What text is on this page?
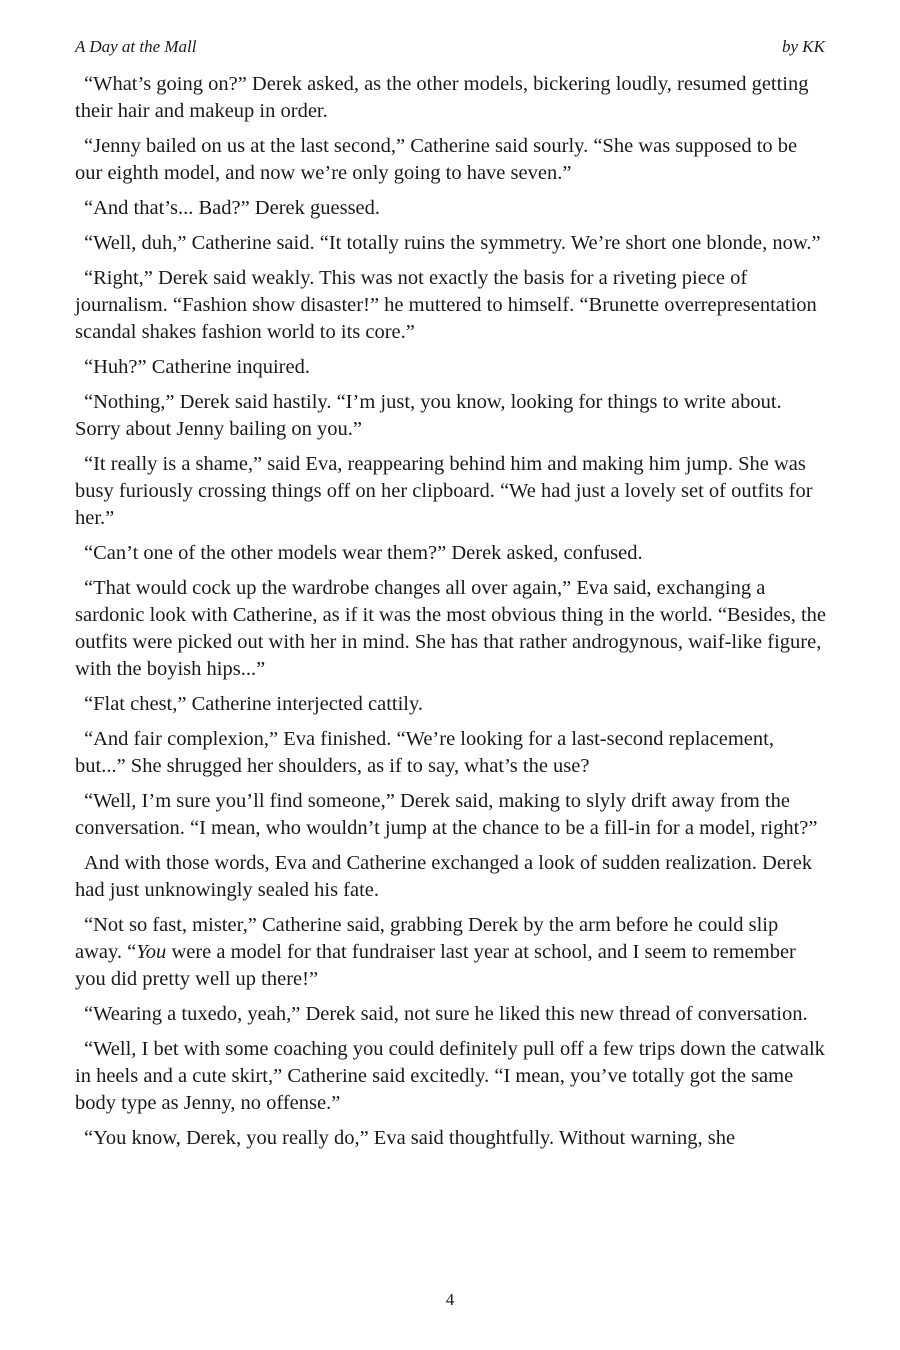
A Day at the Mall	by KK

“What’s going on?” Derek asked, as the other models, bickering loudly, resumed getting their hair and makeup in order.

“Jenny bailed on us at the last second,” Catherine said sourly. “She was supposed to be our eighth model, and now we’re only going to have seven.”

“And that’s... Bad?” Derek guessed.

“Well, duh,” Catherine said. “It totally ruins the symmetry. We’re short one blonde, now.”

“Right,” Derek said weakly. This was not exactly the basis for a riveting piece of journalism. “Fashion show disaster!” he muttered to himself. “Brunette overrepresentation scandal shakes fashion world to its core.”

“Huh?” Catherine inquired.

“Nothing,” Derek said hastily. “I’m just, you know, looking for things to write about. Sorry about Jenny bailing on you.”

“It really is a shame,” said Eva, reappearing behind him and making him jump. She was busy furiously crossing things off on her clipboard. “We had just a lovely set of outfits for her.”

“Can’t one of the other models wear them?” Derek asked, confused.

“That would cock up the wardrobe changes all over again,” Eva said, exchanging a sardonic look with Catherine, as if it was the most obvious thing in the world. “Besides, the outfits were picked out with her in mind. She has that rather androgynous, waif-like figure, with the boyish hips...”

“Flat chest,” Catherine interjected cattily.

“And fair complexion,” Eva finished. “We’re looking for a last-second replacement, but...” She shrugged her shoulders, as if to say, what’s the use?

“Well, I’m sure you’ll find someone,” Derek said, making to slyly drift away from the conversation. “I mean, who wouldn’t jump at the chance to be a fill-in for a model, right?”

And with those words, Eva and Catherine exchanged a look of sudden realization. Derek had just unknowingly sealed his fate.

“Not so fast, mister,” Catherine said, grabbing Derek by the arm before he could slip away. “You were a model for that fundraiser last year at school, and I seem to remember you did pretty well up there!”

“Wearing a tuxedo, yeah,” Derek said, not sure he liked this new thread of conversation.

“Well, I bet with some coaching you could definitely pull off a few trips down the catwalk in heels and a cute skirt,” Catherine said excitedly. “I mean, you’ve totally got the same body type as Jenny, no offense.”

“You know, Derek, you really do,” Eva said thoughtfully. Without warning, she

4
